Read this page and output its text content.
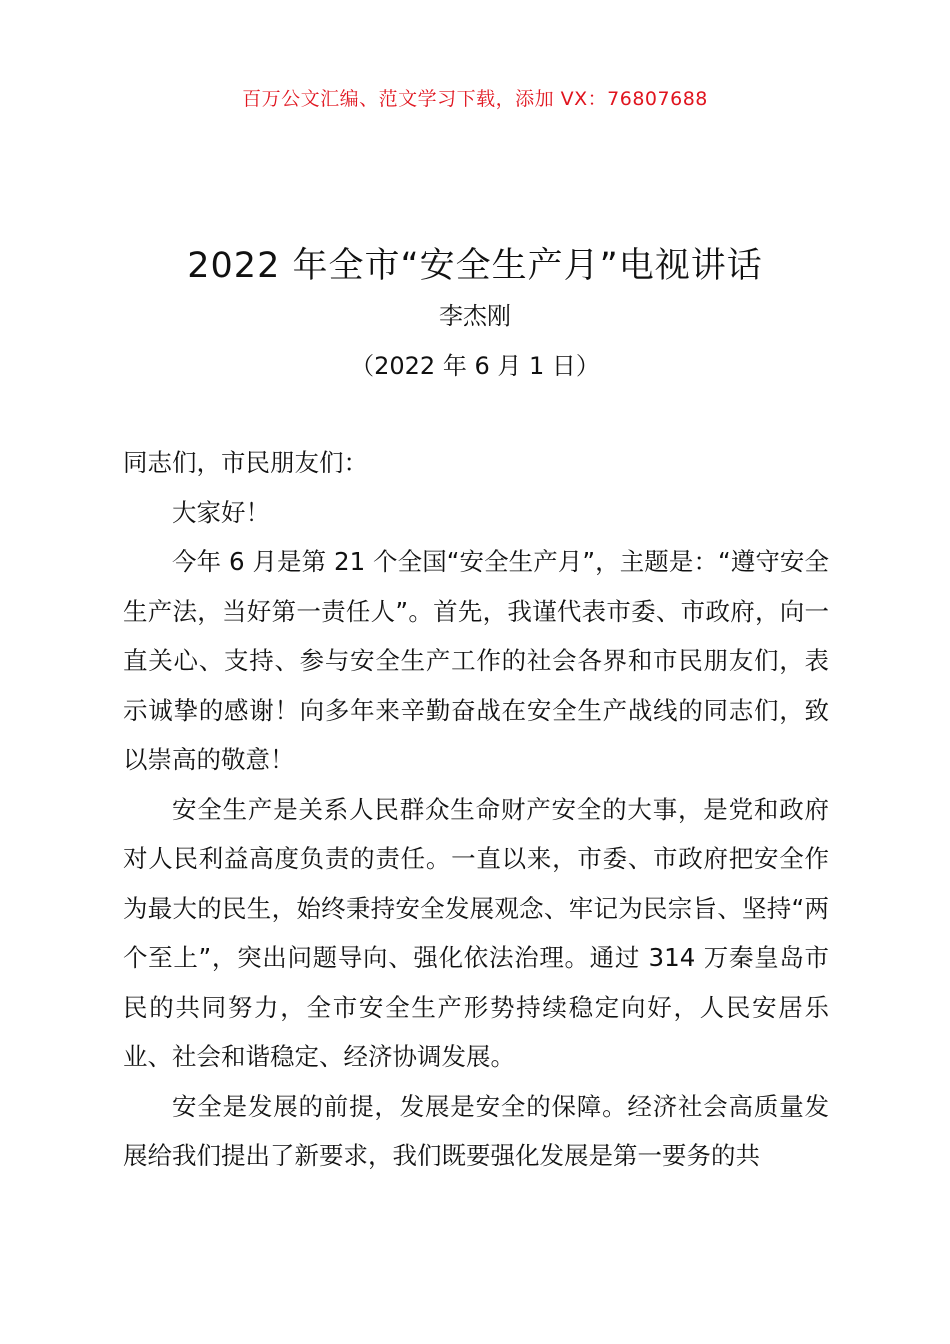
百万公文汇编、范文学习下载，添加 VX：76807688
2022 年全市“安全生产月”电视讲话
李杰刚
（2022 年 6 月 1 日）

同志们，市民朋友们：

大家好！

今年 6 月是第 21 个全国“安全生产月”，主题是：“遵守安全生产法，当好第一责任人”。首先，我谨代表市委、市政府，向一直关心、支持、参与安全生产工作的社会各界和市民朋友们，表示诚挚的感谢！向多年来辛勤奋战在安全生产战线的同志们，致以崇高的敬意！

安全生产是关系人民群众生命财产安全的大事，是党和政府对人民利益高度负责的责任。一直以来，市委、市政府把安全作为最大的民生，始终秉持安全发展观念、牢记为民宗旨、坚持“两个至上”，突出问题导向、强化依法治理。通过 314 万秦皇岛市民的共同努力，全市安全生产形势持续稳定向好，人民安居乐业、社会和谐稳定、经济协调发展。

安全是发展的前提，发展是安全的保障。经济社会高质量发展给我们提出了新要求，我们既要强化发展是第一要务的共
